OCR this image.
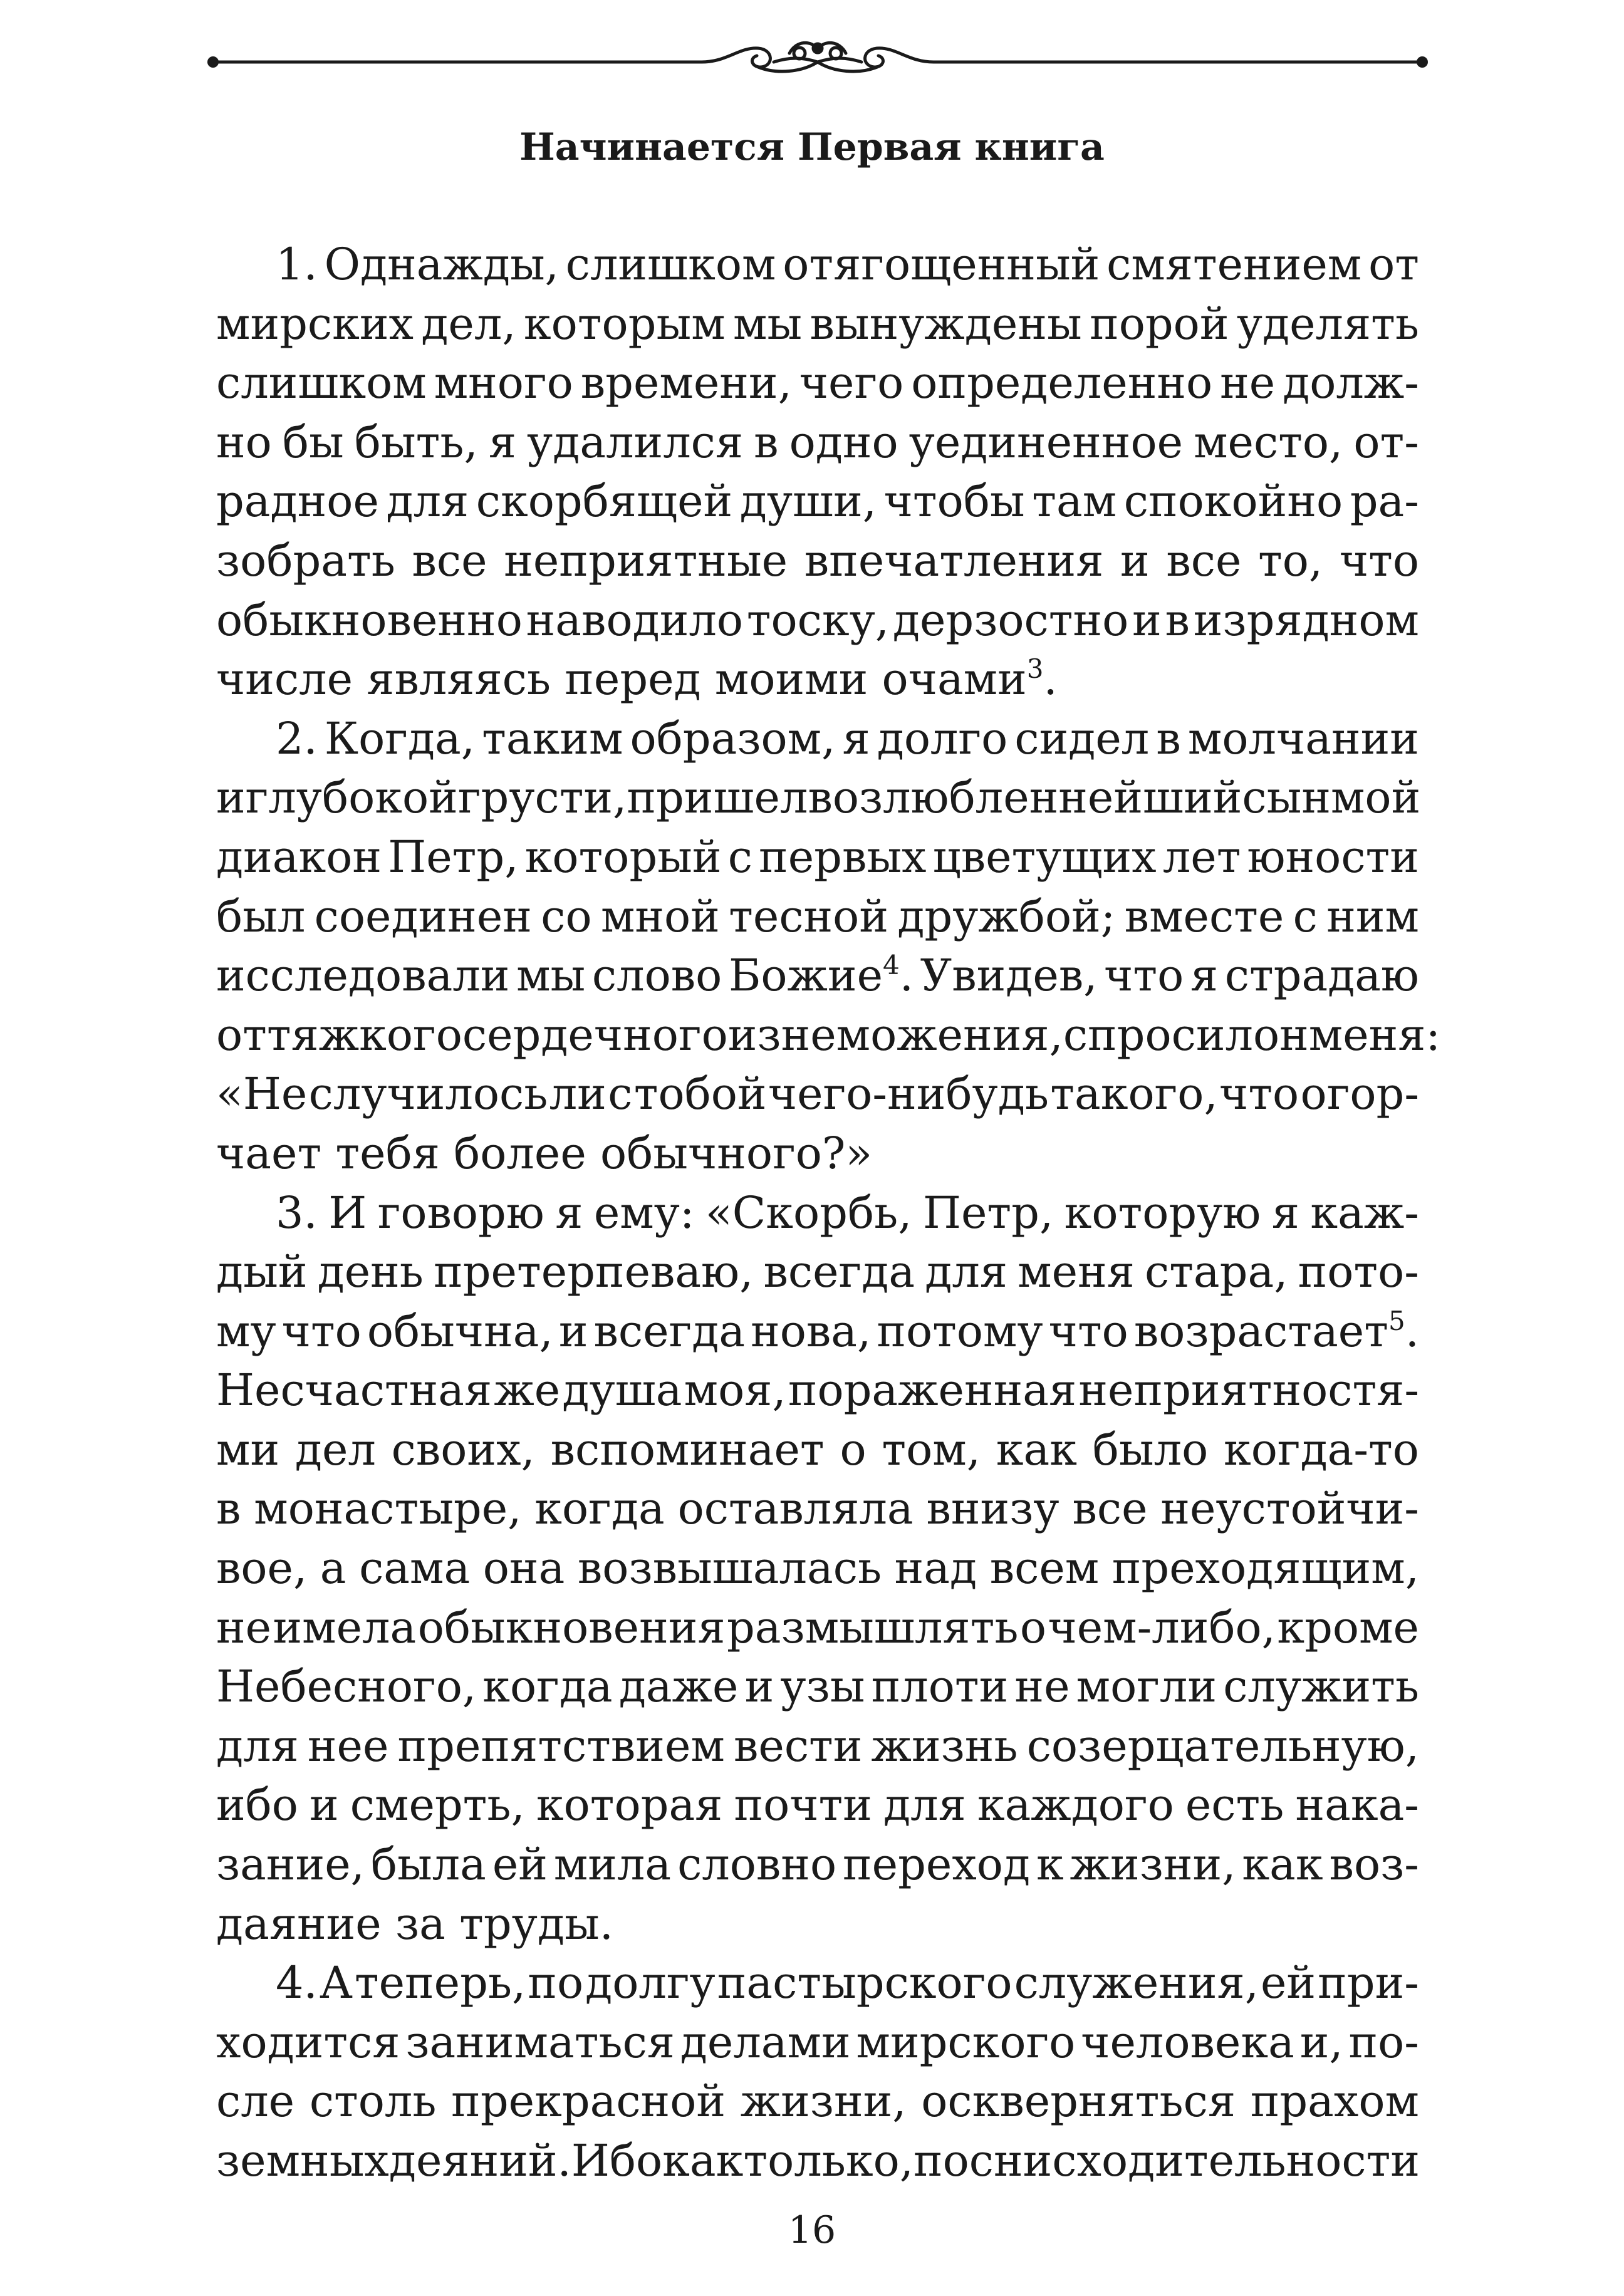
Начинается Первая книга
1. Однажды, слишком отягощенный смятением от
мирских дел, которым мы вынуждены порой уделять
слишком много времени, чего определенно не долж-
но бы быть, я удалился в одно уединенное место, от-
радное для скорбящей души, чтобы там спокойно ра-
зобрать все неприятные впечатления и все то, что
обыкновенно наводило тоску, дерзостно и в изрядном
числе являясь перед моими очами$^3$.
2. Когда, таким образом, я долго сидел в молчании
и глубокой грусти, пришел возлюбленнейший сын мой
диакон Петр, который с первых цветущих лет юности
был соединен со мной тесной дружбой; вместе с ним
исследовали мы слово Божие$^4$. Увидев, что я страдаю
от тяжкого сердечного изнеможения, спросил он меня:
«Не случилось ли с тобой чего-нибудь такого, что огор-
чает тебя более обычного?»
3. И говорю я ему: «Скорбь, Петр, которую я каж-
дый день претерпеваю, всегда для меня стара, пото-
му что обычна, и всегда нова, потому что возрастает$^5$.
Несчастная же душа моя, пораженная неприятностя-
ми дел своих, вспоминает о том, как было когда-то
в монастыре, когда оставляла внизу все неустойчи-
вое, а сама она возвышалась над всем преходящим,
не имела обыкновения размышлять о чем-либо, кроме
Небесного, когда даже и узы плоти не могли служить
для нее препятствием вести жизнь созерцательную,
ибо и смерть, которая почти для каждого есть нака-
зание, была ей мила словно переход к жизни, как воз-
даяние за труды.
4. А теперь, по долгу пастырского служения, ей при-
ходится заниматься делами мирского человека и, по-
сле столь прекрасной жизни, оскверняться прахом
земных деяний. Ибо как только, по снисходительности
16
